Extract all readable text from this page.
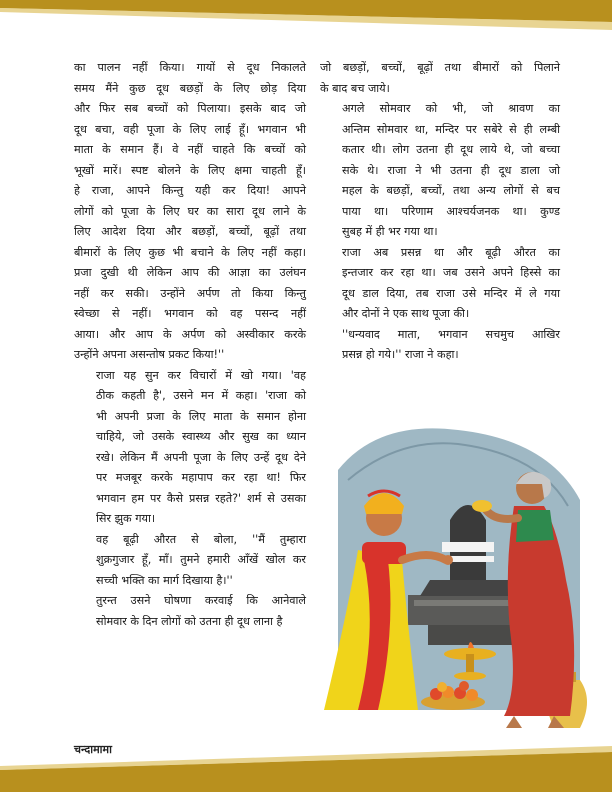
का पालन नहीं किया। गायों से दूध निकालते
समय मैंने कुछ दूध बछड़ों के लिए छोड़ दिया
और फिर सब बच्चों को पिलाया। इसके बाद जो
दूध बचा, वही पूजा के लिए लाई हूँ। भगवान भी
माता के समान हैं। वे नहीं चाहते कि बच्चों को
भूखों मारें। स्पष्ट बोलने के लिए क्षमा चाहती हूँ।
हे राजा, आपने किन्तु यही कर दिया! आपने
लोगों को पूजा के लिए घर का सारा दूध लाने के
लिए आदेश दिया और बछड़ों, बच्चों, बूढ़ों तथा
बीमारों के लिए कुछ भी बचाने के लिए नहीं कहा।
प्रजा दुखी थी लेकिन आप की आज्ञा का उलंघन
नहीं कर सकी। उन्होंने अर्पण तो किया किन्तु
स्वेच्छा से नहीं। भगवान को वह पसन्द नहीं
आया। और आप के अर्पण को अस्वीकार करके
उन्होंने अपना असन्तोष प्रकट किया!''

राजा यह सुन कर विचारों में खो गया। 'वह
ठीक कहती है', उसने मन में कहा। 'राजा को
भी अपनी प्रजा के लिए माता के समान होना
चाहिये, जो उसके स्वास्थ्य और सुख का ध्यान
रखे। लेकिन मैं अपनी पूजा के लिए उन्हें दूध देने
पर मजबूर करके महापाप कर रहा था! फिर
भगवान हम पर कैसे प्रसन्न रहते?' शर्म से उसका
सिर झुक गया।

वह बूढ़ी औरत से बोला, ''मैं तुम्हारा
शुक्रगुजार हूँ, माँ। तुमने हमारी आँखें खोल कर
सच्ची भक्ति का मार्ग दिखाया है।''

तुरन्त उसने घोषणा करवाई कि आनेवाले
सोमवार के दिन लोगों को उतना ही दूध लाना है

जो बछड़ों, बच्चों, बूढ़ों तथा बीमारों को पिलाने
के बाद बच जाये।

अगले सोमवार को भी, जो श्रावण का
अन्तिम सोमवार था, मन्दिर पर सबेरे से ही लम्बी
कतार थी। लोग उतना ही दूध लाये थे, जो बच्चा
सके थे। राजा ने भी उतना ही दूध डाला जो
महल के बछड़ों, बच्चों, तथा अन्य लोगों से बच
पाया था। परिणाम आश्चर्यजनक था। कुण्ड
सुबह में ही भर गया था।

राजा अब प्रसन्न था और बूढ़ी औरत का
इन्तजार कर रहा था। जब उसने अपने हिस्से का
दूध डाल दिया, तब राजा उसे मन्दिर में ले गया
और दोनों ने एक साथ पूजा की।

''धन्यवाद माता, भगवान सचमुच आखिर
प्रसन्न हो गये।'' राजा ने कहा।

चन्दामामा
